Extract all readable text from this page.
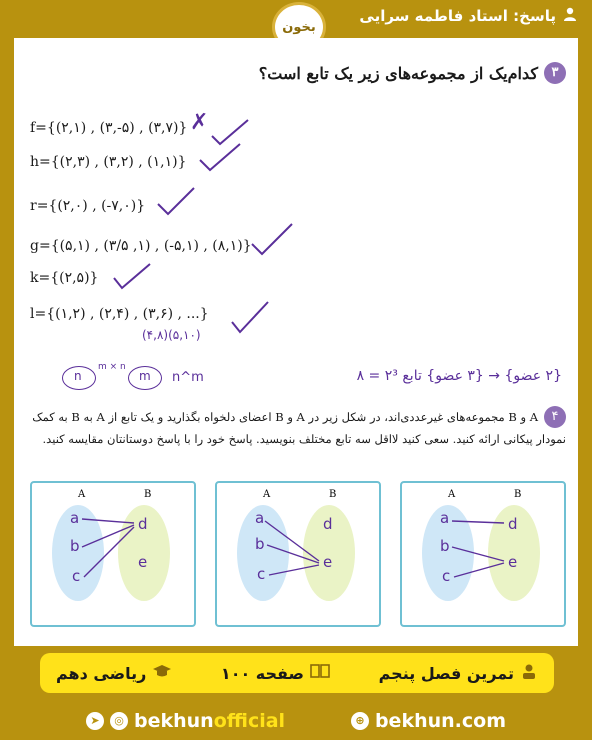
پاسخ: استاد فاطمه سرایی
بخون
۳
کدام‌یک از مجموعه‌های زیر یک تابع است؟
f={(۲,۱) , (۳,-۵) , (۳,۷)} ✗
h={(۲,۳) , (۳,۲) , (۱,۱)}
r={(۲,۰) , (-۷,۰)}
g={(۵,۱) , (۳/۵ ,۱) , (-۵,۱) , (۸,۱)}
k={(۲,۵)}
l={(۱,۲) , (۲,۴) , (۳,۶) , ...}
(۴,۸)(۵,۱۰)
n
m × n
m n^m	{۲ عضو} → {۳ عضو} تابع ۲³ = ۸
۴
A و B مجموعه‌های غیرعددی‌اند، در شکل زیر در A و B اعضای دلخواه بگذارید و یک تابع از A به B به کمک نمودار پیکانی ارائه کنید. سعی کنید لااقل سه تابع مختلف بنویسید. پاسخ خود را با پاسخ دوستانتان مقایسه کنید.
A	B
a
b
c
d
e
A	B
a
b
c
d
e
A	B
a
b
c
d
e
تمرین فصل پنجم
صفحه ۱۰۰
ریاضی دهم
➤	◎ bekhun official	⊕ bekhun.com
